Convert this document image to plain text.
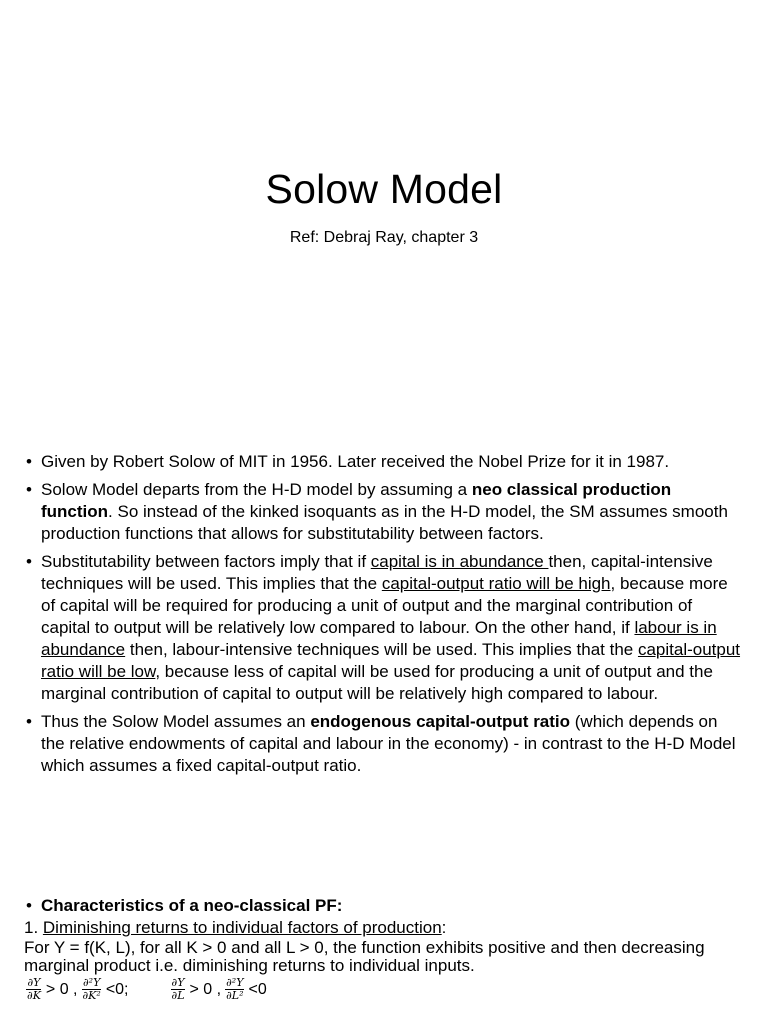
Solow Model
Ref: Debraj Ray, chapter 3
• Given by Robert Solow of MIT in 1956. Later received the Nobel Prize for it in 1987.
• Solow Model departs from the H-D model by assuming a neo classical production function. So instead of the kinked isoquants as in the H-D model, the SM assumes smooth production functions that allows for substitutability between factors.
• Substitutability between factors imply that if capital is in abundance then, capital-intensive techniques will be used. This implies that the capital-output ratio will be high, because more of capital will be required for producing a unit of output and the marginal contribution of capital to output will be relatively low compared to labour. On the other hand, if labour is in abundance then, labour-intensive techniques will be used. This implies that the capital-output ratio will be low, because less of capital will be used for producing a unit of output and the marginal contribution of capital to output will be relatively high compared to labour.
• Thus the Solow Model assumes an endogenous capital-output ratio (which depends on the relative endowments of capital and labour in the economy) - in contrast to the H-D Model which assumes a fixed capital-output ratio.
• Characteristics of a neo-classical PF:
1. Diminishing returns to individual factors of production:
For Y = f(K, L), for all K > 0 and all L > 0, the function exhibits positive and then decreasing marginal product i.e. diminishing returns to individual inputs.
$\frac{\partial Y}{\partial K} > 0$ , $\frac{\text{∂²Y}}{\text{∂K²}} <0$;	$\frac{\partial Y}{\partial L} > 0$ , $\frac{\text{∂²Y}}{\text{∂L²}} <0$
